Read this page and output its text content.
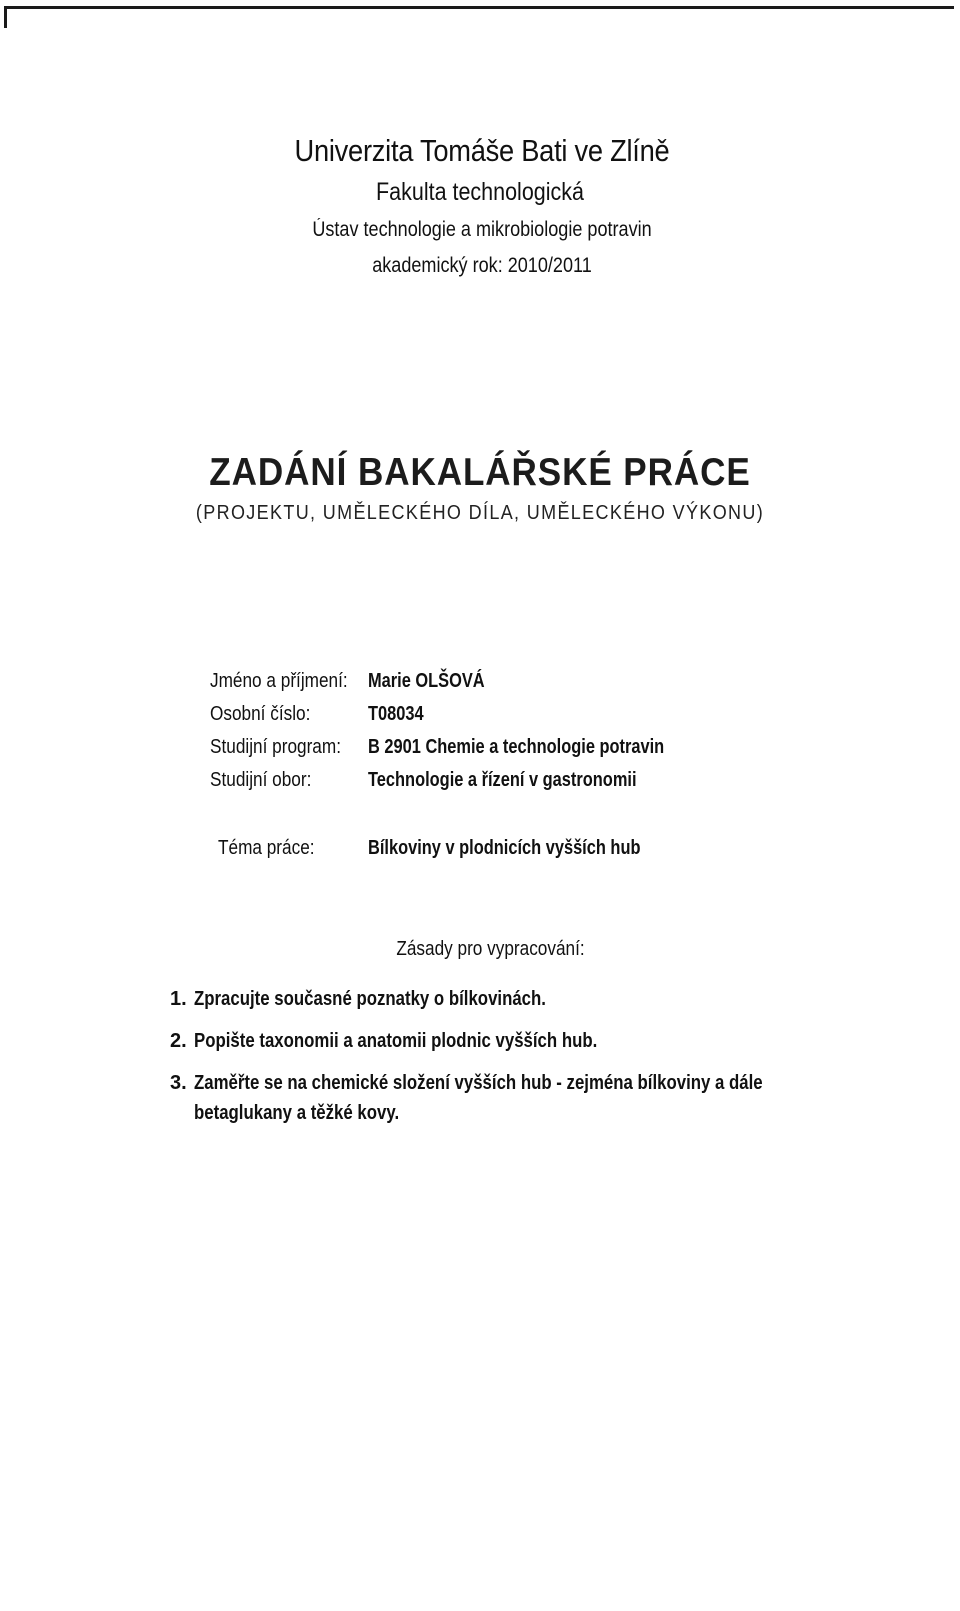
Univerzita Tomáše Bati ve Zlíně
Fakulta technologická
Ústav technologie a mikrobiologie potravin
akademický rok: 2010/2011
ZADÁNÍ BAKALÁŘSKÉ PRÁCE
(PROJEKTU, UMĚLECKÉHO DÍLA, UMĚLECKÉHO VÝKONU)
Jméno a příjmení: Marie OLŠOVÁ
Osobní číslo:	T08034
Studijní program: B 2901 Chemie a technologie potravin
Studijní obor:	Technologie a řízení v gastronomii
Téma práce:	Bílkoviny v plodnicích vyšších hub
Zásady pro vypracování:
1. Zpracujte současné poznatky o bílkovinách.
2. Popište taxonomii a anatomii plodnic vyšších hub.
3. Zaměřte se na chemické složení vyšších hub - zejména bílkoviny a dále betaglukany a těžké kovy.
